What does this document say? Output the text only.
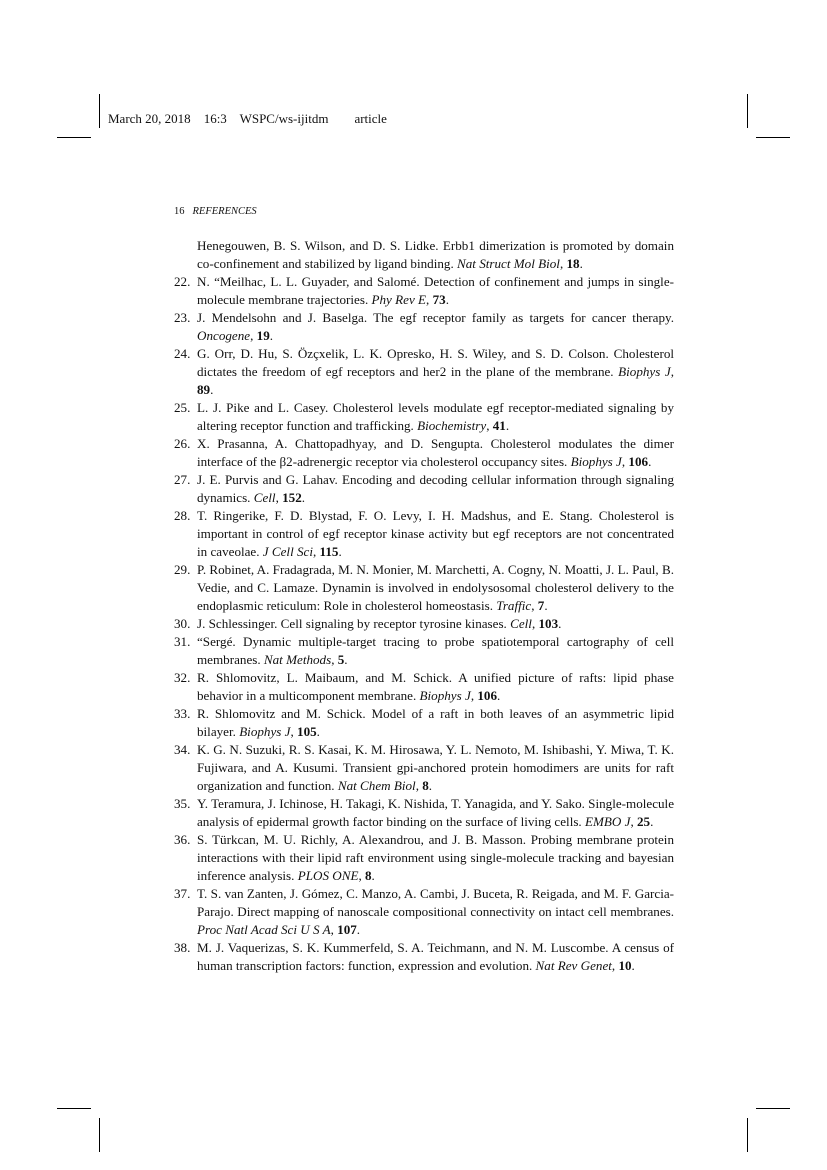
March 20, 2018 16:3 WSPC/ws-ijitdm article
16 REFERENCES
Henegouwen, B. S. Wilson, and D. S. Lidke. Erbb1 dimerization is promoted by domain co-confinement and stabilized by ligand binding. Nat Struct Mol Biol, 18.
22. N. “Meilhac, L. L. Guyader, and Salomé. Detection of confinement and jumps in single-molecule membrane trajectories. Phy Rev E, 73.
23. J. Mendelsohn and J. Baselga. The egf receptor family as targets for cancer therapy. Oncogene, 19.
24. G. Orr, D. Hu, S. Özçxelik, L. K. Opresko, H. S. Wiley, and S. D. Colson. Cholesterol dictates the freedom of egf receptors and her2 in the plane of the membrane. Biophys J, 89.
25. L. J. Pike and L. Casey. Cholesterol levels modulate egf receptor-mediated signaling by altering receptor function and trafficking. Biochemistry, 41.
26. X. Prasanna, A. Chattopadhyay, and D. Sengupta. Cholesterol modulates the dimer interface of the β2-adrenergic receptor via cholesterol occupancy sites. Biophys J, 106.
27. J. E. Purvis and G. Lahav. Encoding and decoding cellular information through signaling dynamics. Cell, 152.
28. T. Ringerike, F. D. Blystad, F. O. Levy, I. H. Madshus, and E. Stang. Cholesterol is important in control of egf receptor kinase activity but egf receptors are not concentrated in caveolae. J Cell Sci, 115.
29. P. Robinet, A. Fradagrada, M. N. Monier, M. Marchetti, A. Cogny, N. Moatti, J. L. Paul, B. Vedie, and C. Lamaze. Dynamin is involved in endolysosomal cholesterol delivery to the endoplasmic reticulum: Role in cholesterol homeostasis. Traffic, 7.
30. J. Schlessinger. Cell signaling by receptor tyrosine kinases. Cell, 103.
31. “Sergé. Dynamic multiple-target tracing to probe spatiotemporal cartography of cell membranes. Nat Methods, 5.
32. R. Shlomovitz, L. Maibaum, and M. Schick. A unified picture of rafts: lipid phase behavior in a multicomponent membrane. Biophys J, 106.
33. R. Shlomovitz and M. Schick. Model of a raft in both leaves of an asymmetric lipid bilayer. Biophys J, 105.
34. K. G. N. Suzuki, R. S. Kasai, K. M. Hirosawa, Y. L. Nemoto, M. Ishibashi, Y. Miwa, T. K. Fujiwara, and A. Kusumi. Transient gpi-anchored protein homodimers are units for raft organization and function. Nat Chem Biol, 8.
35. Y. Teramura, J. Ichinose, H. Takagi, K. Nishida, T. Yanagida, and Y. Sako. Single-molecule analysis of epidermal growth factor binding on the surface of living cells. EMBO J, 25.
36. S. Türkcan, M. U. Richly, A. Alexandrou, and J. B. Masson. Probing membrane protein interactions with their lipid raft environment using single-molecule tracking and bayesian inference analysis. PLOS ONE, 8.
37. T. S. van Zanten, J. Gómez, C. Manzo, A. Cambi, J. Buceta, R. Reigada, and M. F. Garcia-Parajo. Direct mapping of nanoscale compositional connectivity on intact cell membranes. Proc Natl Acad Sci U S A, 107.
38. M. J. Vaquerizas, S. K. Kummerfeld, S. A. Teichmann, and N. M. Luscombe. A census of human transcription factors: function, expression and evolution. Nat Rev Genet, 10.
